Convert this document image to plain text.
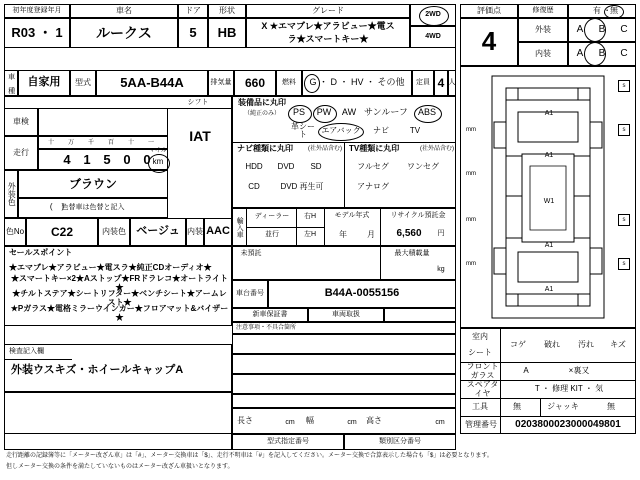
初年度登録年月
R03 ・ 1
車名
ルークス
ドア
5
形状
HB
グレード
X ★エマブレ★アラビュー★電ス
ラ★スマートキー★
2WD
4WD
評価点
4
修復歴	有 ・
無
外装	A	B	C
内装	A	B	C
車 種	自家用	型式	5AA-B44A	排気量	660	燃料	G ・ D ・ HV ・ その他	定員 4 人
シフト
IAT
車検
走行
十	万	千	百	十	一
4 1 5 0 0
マイル
km
外装色	ブラウン
色替車は色替と記入
(    )
色No	C22	内装色 ベージュ 内装 AAC
装備品に丸印
（純正のみ）	PS	PW	AW サンルーフ	ABS
革シート	エアバック	ナビ	TV
ナビ種類に丸印	(社外品含む)
HDD	DVD	SD
CD	DVD 再生可
TV種類に丸印	(社外品含む)
フルセグ	ワンセグ
アナログ
輸入車	ディーラー
並行
右H
左H
モデル年式
年	月
リサイクル預託金
6,560	円
未預託	最大積載量
kg
車台番号	B44A-0055156
セールスポイント
★エマブレ★アラビュー★電スラ★純正CDオーディオ★
★スマートキー×2★Aストップ★FRドラレコ★オートライト★
★チルトステア★シートリフター★ベンチシート★アームレスト★
★Pガラス★電格ミラーウインカー★フロアマット&バイザー★
検査記入欄
外装ウスキズ・ホイールキャップA
新車保証書	車両取扱
注意事項・不具合箇所
長さ	cm	幅	cm	高さ	cm
型式指定番号	類別区分番号
A1
A1
W1
A1
A1
mm
mm
mm
mm
s
s
s
s
室内
シート
コゲ	破れ	汚れ	キズ
フロントガラス	A	×裏又
スペアタイヤ	T ・ 修理 KIT ・ 気
工具	無	ジャッキ	無
管理番号	0203800023000049801
走行距離の記録簿等に「メーター改ざん車」は「#」、メーター交換車は「$」、走行不明車は「#」を記入してください。メーター交換で合算表示した場合も「$」は必要となります。
但しメーター交換の条件を満たしていないものはメーター改ざん車扱いとなります。
